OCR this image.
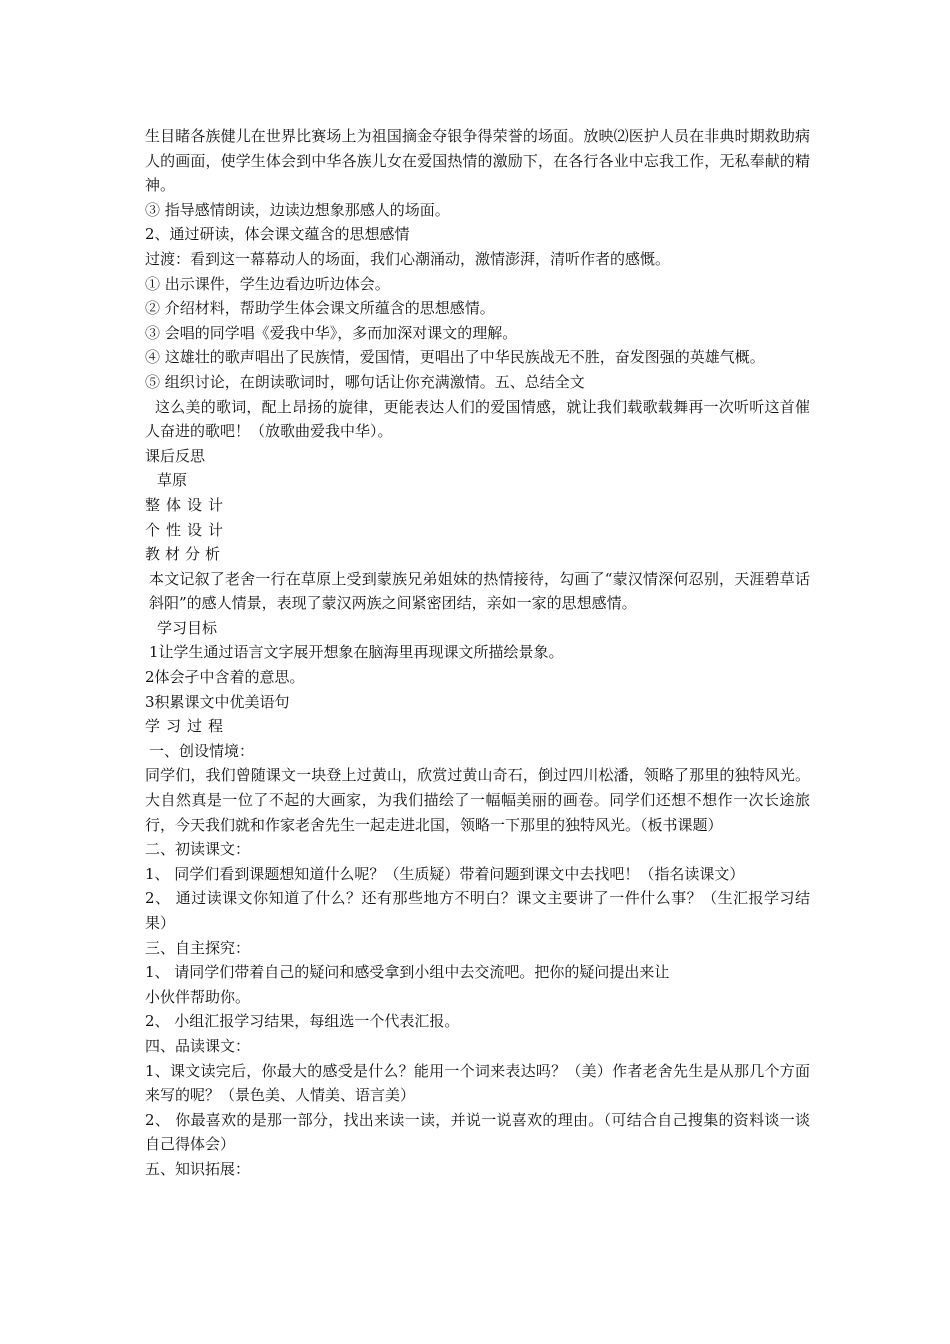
生目睹各族健儿在世界比赛场上为祖国摘金夺银争得荣誉的场面。放映⑵医护人员在非典时期救助病人的画面，使学生体会到中华各族儿女在爱国热情的激励下，在各行各业中忘我工作，无私奉献的精神。
③ 指导感情朗读，边读边想象那感人的场面。
2、通过研读，体会课文蕴含的思想感情
过渡：看到这一幕幕动人的场面，我们心潮涌动，激情澎湃，清听作者的感慨。
① 出示课件，学生边看边听边体会。
② 介绍材料，帮助学生体会课文所蕴含的思想感情。
③ 会唱的同学唱《爱我中华》，多而加深对课文的理解。
④ 这雄壮的歌声唱出了民族情，爱国情，更唱出了中华民族战无不胜，奋发图强的英雄气概。
⑤ 组织讨论，在朗读歌词时，哪句话让你充满激情。五、总结全文
这么美的歌词，配上昂扬的旋律，更能表达人们的爱国情感，就让我们载歌载舞再一次听听这首催人奋进的歌吧！（放歌曲爱我中华）。
课后反思
草原
整体设计
个性设计
教材分析
本文记叙了老舍一行在草原上受到蒙族兄弟姐妹的热情接待，勾画了“蒙汉情深何忍别，天涯碧草话斜阳”的感人情景，表现了蒙汉两族之间紧密团结，亲如一家的思想感情。
学习目标
1让学生通过语言文字展开想象在脑海里再现课文所描绘景象。
2体会孑中含着的意思。
3积累课文中优美语句
学习过程
一、创设情境：
同学们，我们曾随课文一块登上过黄山，欣赏过黄山奇石，倒过四川松潘，领略了那里的独特风光。大自然真是一位了不起的大画家，为我们描绘了一幅幅美丽的画卷。同学们还想不想作一次长途旅行，今天我们就和作家老舍先生一起走进北国，领略一下那里的独特风光。（板书课题）
二、初读课文：
1、 同学们看到课题想知道什么呢？（生质疑）带着问题到课文中去找吧！（指名读课文）
2、 通过读课文你知道了什么？还有那些地方不明白？课文主要讲了一件什么事？（生汇报学习结果）
三、自主探究：
1、 请同学们带着自己的疑问和感受拿到小组中去交流吧。把你的疑问提出来让
小伙伴帮助你。
2、 小组汇报学习结果，每组选一个代表汇报。
四、品读课文：
1、课文读完后，你最大的感受是什么？能用一个词来表达吗？（美）作者老舍先生是从那几个方面来写的呢？（景色美、人情美、语言美）
2、 你最喜欢的是那一部分，找出来读一读，并说一说喜欢的理由。（可结合自己搜集的资料谈一谈自己得体会）
五、知识拓展：
